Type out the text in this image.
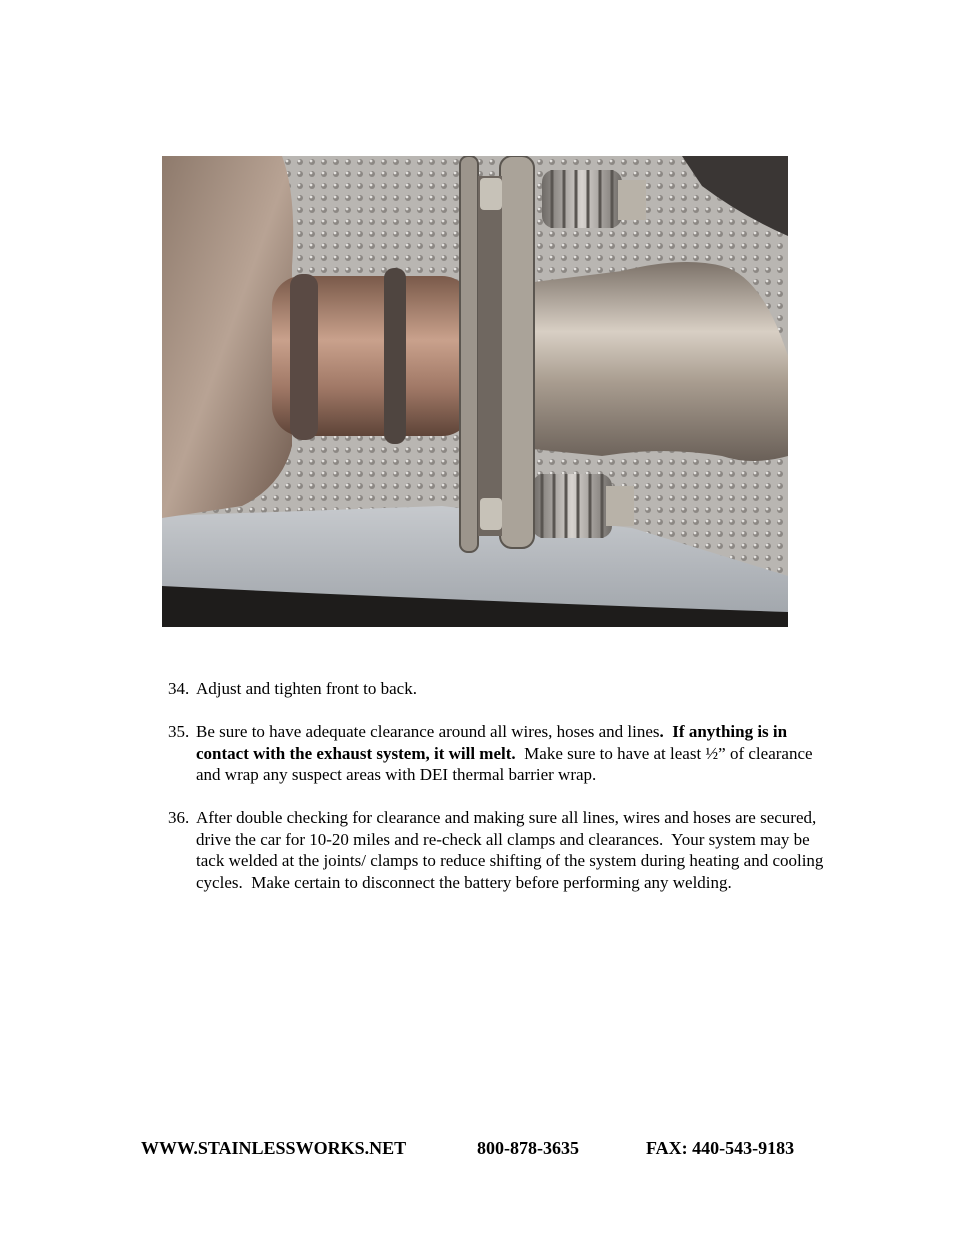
34. Adjust and tighten front to back.
35. Be sure to have adequate clearance around all wires, hoses and lines.  If anything is in contact with the exhaust system, it will melt.  Make sure to have at least ½” of clearance and wrap any suspect areas with DEI thermal barrier wrap.
36. After double checking for clearance and making sure all lines, wires and hoses are secured, drive the car for 10-20 miles and re-check all clamps and clearances.  Your system may be tack welded at the joints/ clamps to reduce shifting of the system during heating and cooling cycles.  Make certain to disconnect the battery before performing any welding.
WWW.STAINLESSWORKS.NET	800-878-3635	FAX: 440-543-9183
